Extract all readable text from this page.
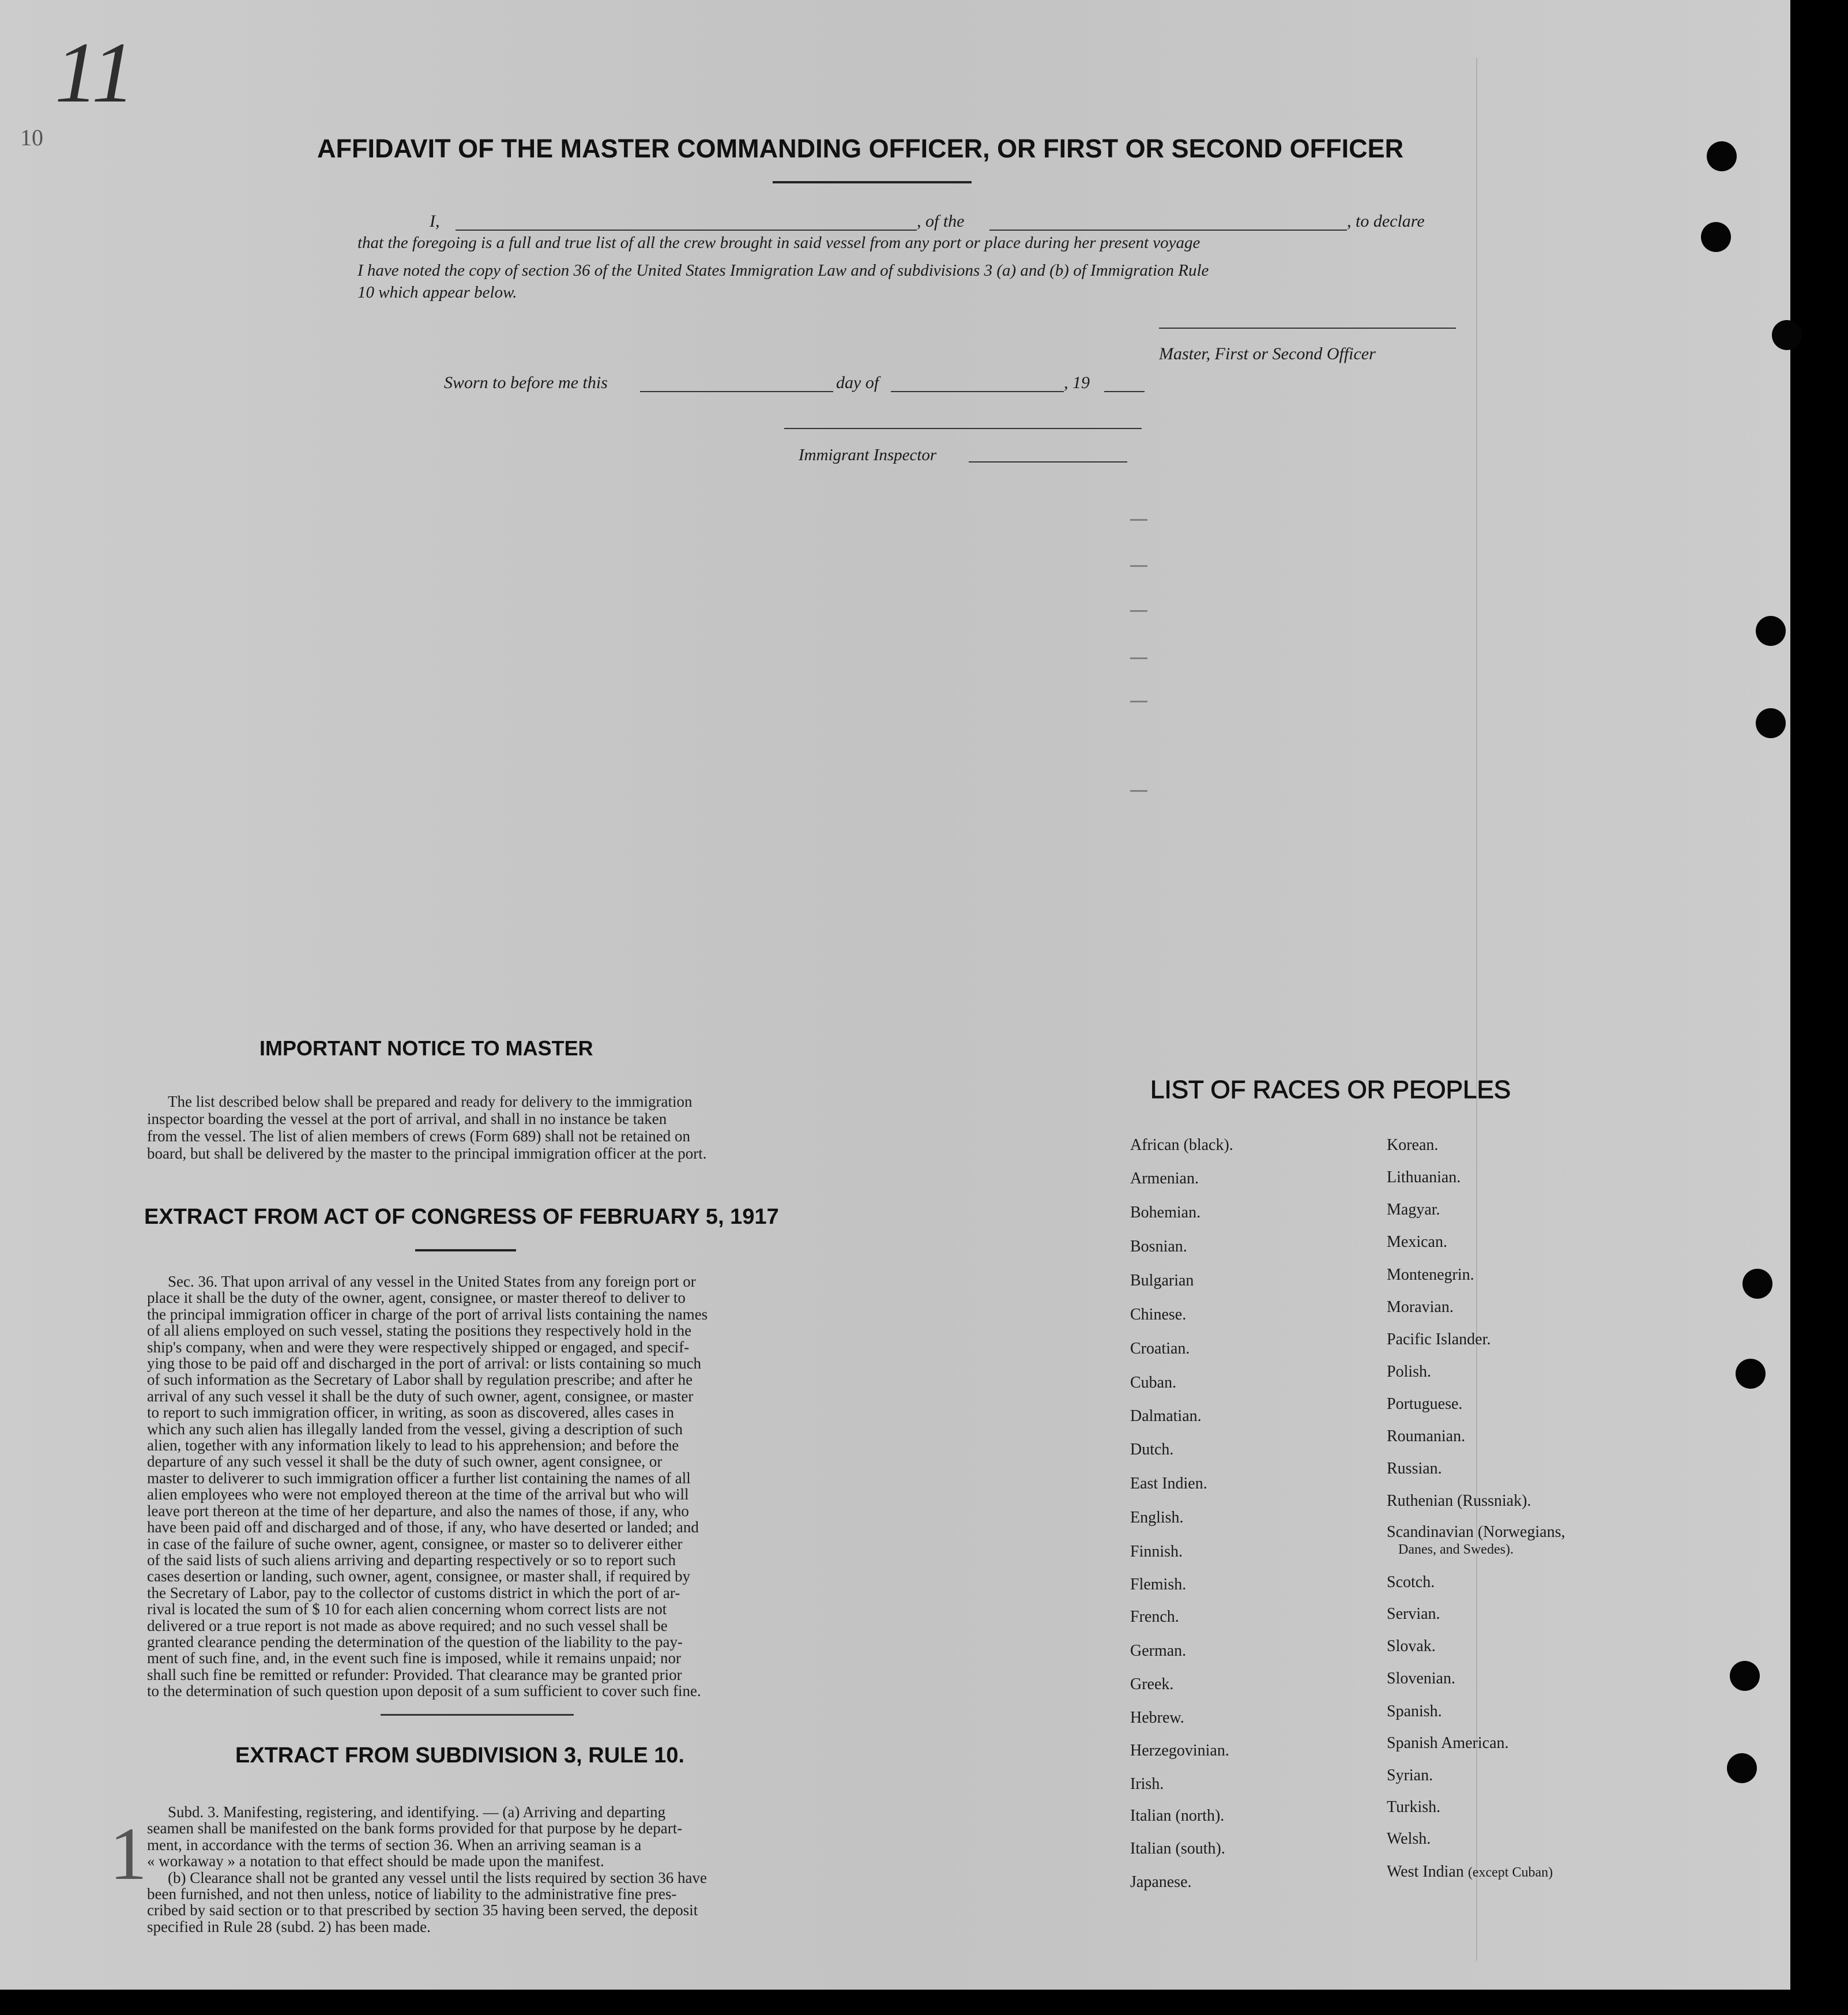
11
10
1
AFFIDAVIT OF THE MASTER COMMANDING OFFICER, OR FIRST OR SECOND OFFICER
I,	, of the	, to declare
that the foregoing is a full and true list of all the crew brought in said vessel from any port or place during her present voyage
I have noted the copy of section 36 of the United States Immigration Law and of subdivisions 3 (a) and (b) of Immigration Rule
10 which appear below.
Master, First or Second Officer
Sworn to before me this	day of	, 19
Immigrant Inspector
IMPORTANT NOTICE TO MASTER
The list described below shall be prepared and ready for delivery to the immigration
inspector boarding the vessel at the port of arrival, and shall in no instance be taken
from the vessel. The list of alien members of crews (Form 689) shall not be retained on
board, but shall be delivered by the master to the principal immigration officer at the port.
EXTRACT FROM ACT OF CONGRESS OF FEBRUARY 5, 1917
Sec. 36. That upon arrival of any vessel in the United States from any foreign port or
place it shall be the duty of the owner, agent, consignee, or master thereof to deliver to
the principal immigration officer in charge of the port of arrival lists containing the names
of all aliens employed on such vessel, stating the positions they respectively hold in the
ship's company, when and were they were respectively shipped or engaged, and specif-
ying those to be paid off and discharged in the port of arrival: or lists containing so much
of such information as the Secretary of Labor shall by regulation prescribe; and after he
arrival of any such vessel it shall be the duty of such owner, agent, consignee, or master
to report to such immigration officer, in writing, as soon as discovered, alles cases in
which any such alien has illegally landed from the vessel, giving a description of such
alien, together with any information likely to lead to his apprehension; and before the
departure of any such vessel it shall be the duty of such owner, agent consignee, or
master to deliverer to such immigration officer a further list containing the names of all
alien employees who were not employed thereon at the time of the arrival but who will
leave port thereon at the time of her departure, and also the names of those, if any, who
have been paid off and discharged and of those, if any, who have deserted or landed; and
in case of the failure of suche owner, agent, consignee, or master so to deliverer either
of the said lists of such aliens arriving and departing respectively or so to report such
cases desertion or landing, such owner, agent, consignee, or master shall, if required by
the Secretary of Labor, pay to the collector of customs district in which the port of ar-
rival is located the sum of $ 10 for each alien concerning whom correct lists are not
delivered or a true report is not made as above required; and no such vessel shall be
granted clearance pending the determination of the question of the liability to the pay-
ment of such fine, and, in the event such fine is imposed, while it remains unpaid; nor
shall such fine be remitted or refunder: Provided. That clearance may be granted prior
to the determination of such question upon deposit of a sum sufficient to cover such fine.
EXTRACT FROM SUBDIVISION 3, RULE 10.
Subd. 3. Manifesting, registering, and identifying. — (a) Arriving and departing
seamen shall be manifested on the bank forms provided for that purpose by he depart-
ment, in accordance with the terms of section 36. When an arriving seaman is a
« workaway » a notation to that effect should be made upon the manifest.
(b) Clearance shall not be granted any vessel until the lists required by section 36 have
been furnished, and not then unless, notice of liability to the administrative fine pres-
cribed by said section or to that prescribed by section 35 having been served, the deposit
specified in Rule 28 (subd. 2) has been made.
LIST OF RACES OR PEOPLES
African (black).
Armenian.
Bohemian.
Bosnian.
Bulgarian
Chinese.
Croatian.
Cuban.
Dalmatian.
Dutch.
East Indien.
English.
Finnish.
Flemish.
French.
German.
Greek.
Hebrew.
Herzegovinian.
Irish.
Italian (north).
Italian (south).
Japanese.
Korean.
Lithuanian.
Magyar.
Mexican.
Montenegrin.
Moravian.
Pacific Islander.
Polish.
Portuguese.
Roumanian.
Russian.
Ruthenian (Russniak).
Scandinavian (Norwegians,
Danes, and Swedes).
Scotch.
Servian.
Slovak.
Slovenian.
Spanish.
Spanish American.
Syrian.
Turkish.
Welsh.
West Indian (except Cuban)
